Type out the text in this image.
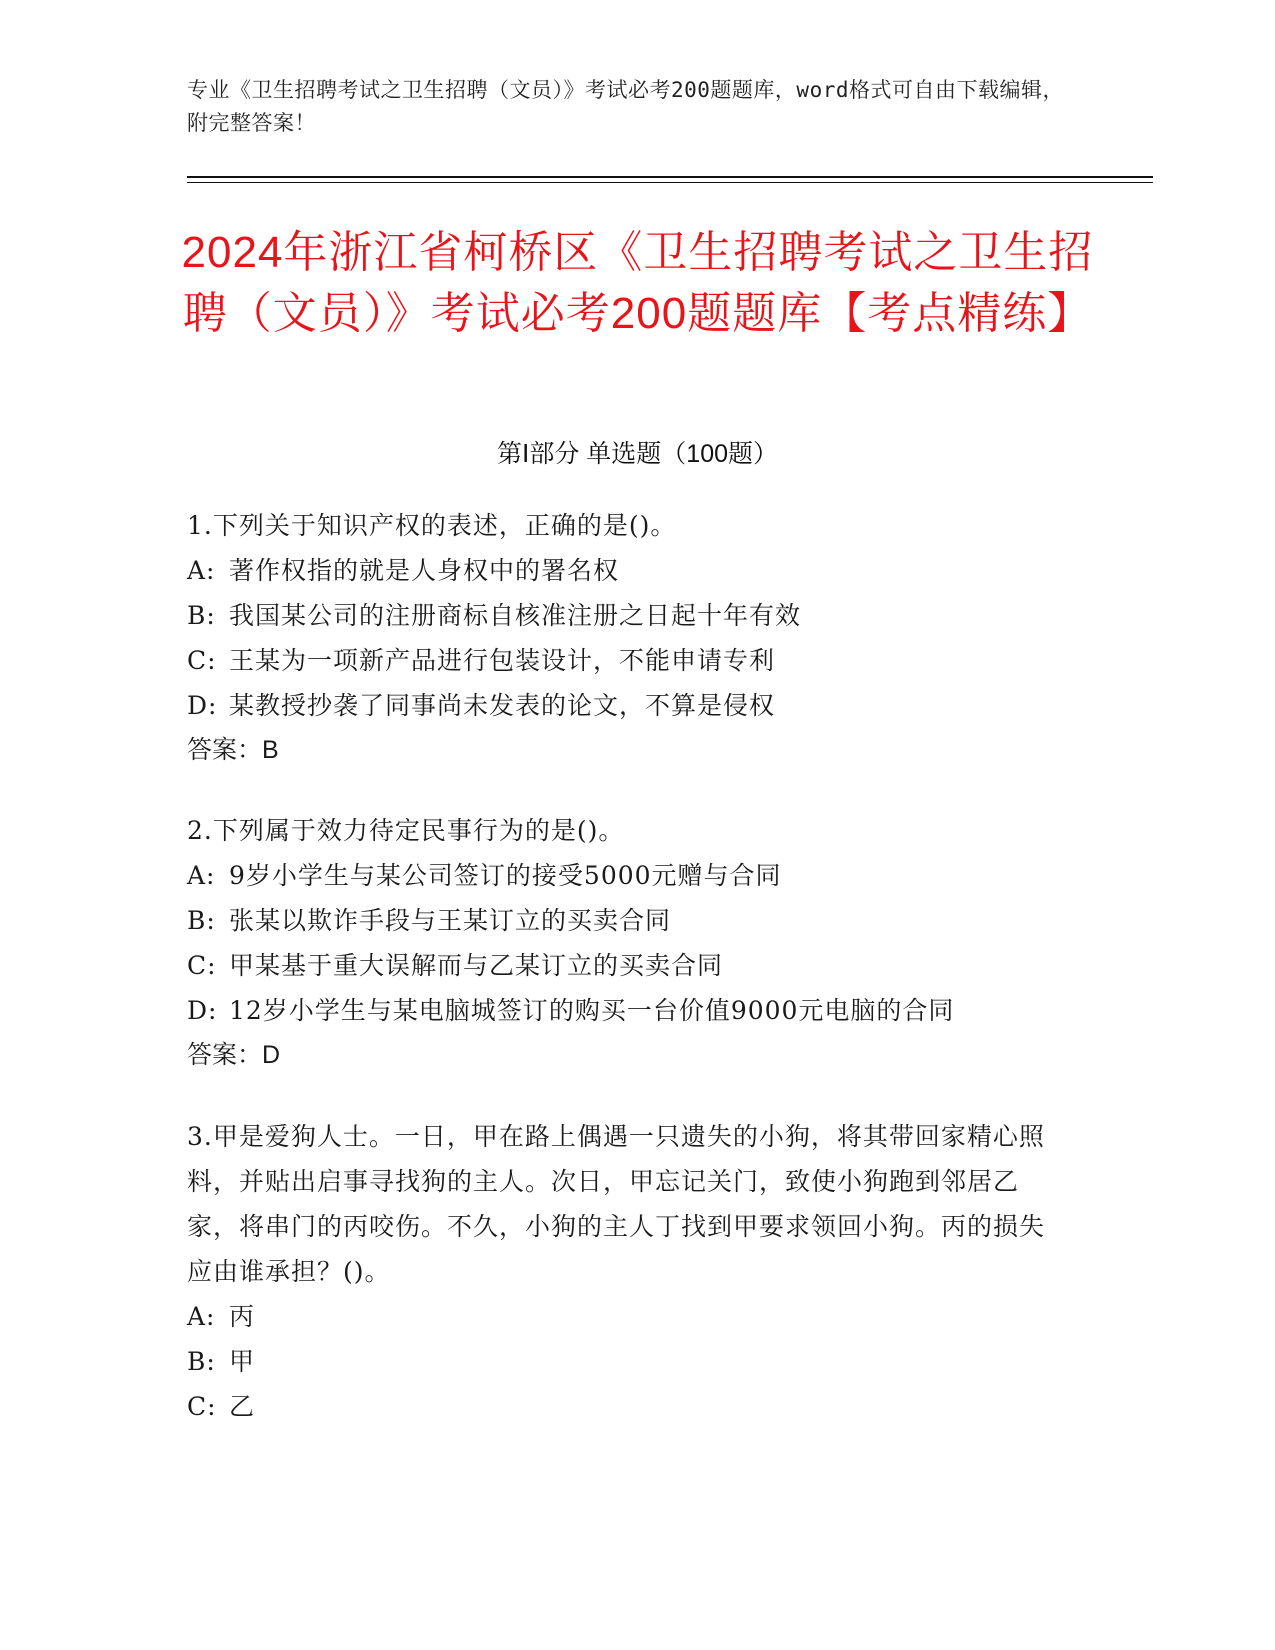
专业《卫生招聘考试之卫生招聘（文员）》考试必考200题题库，word格式可自由下载编辑，附完整答案！
2024年浙江省柯桥区《卫生招聘考试之卫生招聘（文员）》考试必考200题题库【考点精练】
第Ⅰ部分 单选题（100题）
1.下列关于知识产权的表述，正确的是()。
A: 著作权指的就是人身权中的署名权
B: 我国某公司的注册商标自核准注册之日起十年有效
C: 王某为一项新产品进行包装设计，不能申请专利
D: 某教授抄袭了同事尚未发表的论文，不算是侵权
答案：B
2.下列属于效力待定民事行为的是()。
A: 9岁小学生与某公司签订的接受5000元赠与合同
B: 张某以欺诈手段与王某订立的买卖合同
C: 甲某基于重大误解而与乙某订立的买卖合同
D: 12岁小学生与某电脑城签订的购买一台价值9000元电脑的合同
答案：D
3.甲是爱狗人士。一日，甲在路上偶遇一只遗失的小狗，将其带回家精心照料，并贴出启事寻找狗的主人。次日，甲忘记关门，致使小狗跑到邻居乙家，将串门的丙咬伤。不久，小狗的主人丁找到甲要求领回小狗。丙的损失应由谁承担？()。
A: 丙
B: 甲
C: 乙
